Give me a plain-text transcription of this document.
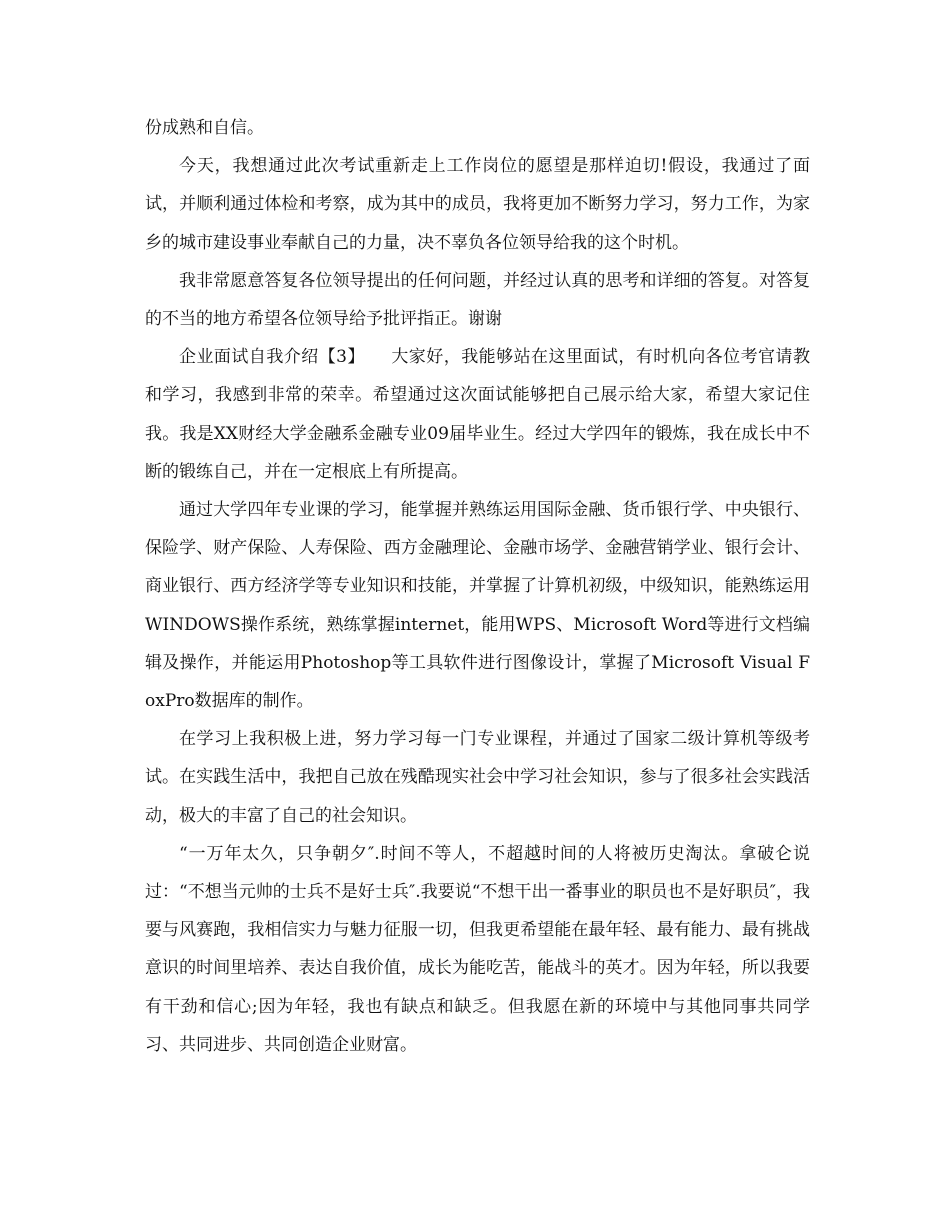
份成熟和自信。

今天，我想通过此次考试重新走上工作岗位的愿望是那样迫切!假设，我通过了面试，并顺利通过体检和考察，成为其中的成员，我将更加不断努力学习，努力工作，为家乡的城市建设事业奉献自己的力量，决不辜负各位领导给我的这个时机。

我非常愿意答复各位领导提出的任何问题，并经过认真的思考和详细的答复。对答复的不当的地方希望各位领导给予批评指正。谢谢

企业面试自我介绍【3】　　大家好，我能够站在这里面试，有时机向各位考官请教和学习，我感到非常的荣幸。希望通过这次面试能够把自己展示给大家，希望大家记住我。我是XX财经大学金融系金融专业09届毕业生。经过大学四年的锻炼，我在成长中不断的锻练自己，并在一定根底上有所提高。

通过大学四年专业课的学习，能掌握并熟练运用国际金融、货币银行学、中央银行、保险学、财产保险、人寿保险、西方金融理论、金融市场学、金融营销学业、银行会计、商业银行、西方经济学等专业知识和技能，并掌握了计算机初级，中级知识，能熟练运用WINDOWS操作系统，熟练掌握internet，能用WPS、Microsoft Word等进行文档编辑及操作，并能运用Photoshop等工具软件进行图像设计，掌握了Microsoft Visual FoxPro数据库的制作。

在学习上我积极上进，努力学习每一门专业课程，并通过了国家二级计算机等级考试。在实践生活中，我把自己放在残酷现实社会中学习社会知识，参与了很多社会实践活动，极大的丰富了自己的社会知识。

“一万年太久，只争朝夕″.时间不等人，不超越时间的人将被历史淘汰。拿破仑说过：“不想当元帅的士兵不是好士兵″.我要说“不想干出一番事业的职员也不是好职员″，我要与风赛跑，我相信实力与魅力征服一切，但我更希望能在最年轻、最有能力、最有挑战意识的时间里培养、表达自我价值，成长为能吃苦，能战斗的英才。因为年轻，所以我要有干劲和信心;因为年轻，我也有缺点和缺乏。但我愿在新的环境中与其他同事共同学习、共同进步、共同创造企业财富。
